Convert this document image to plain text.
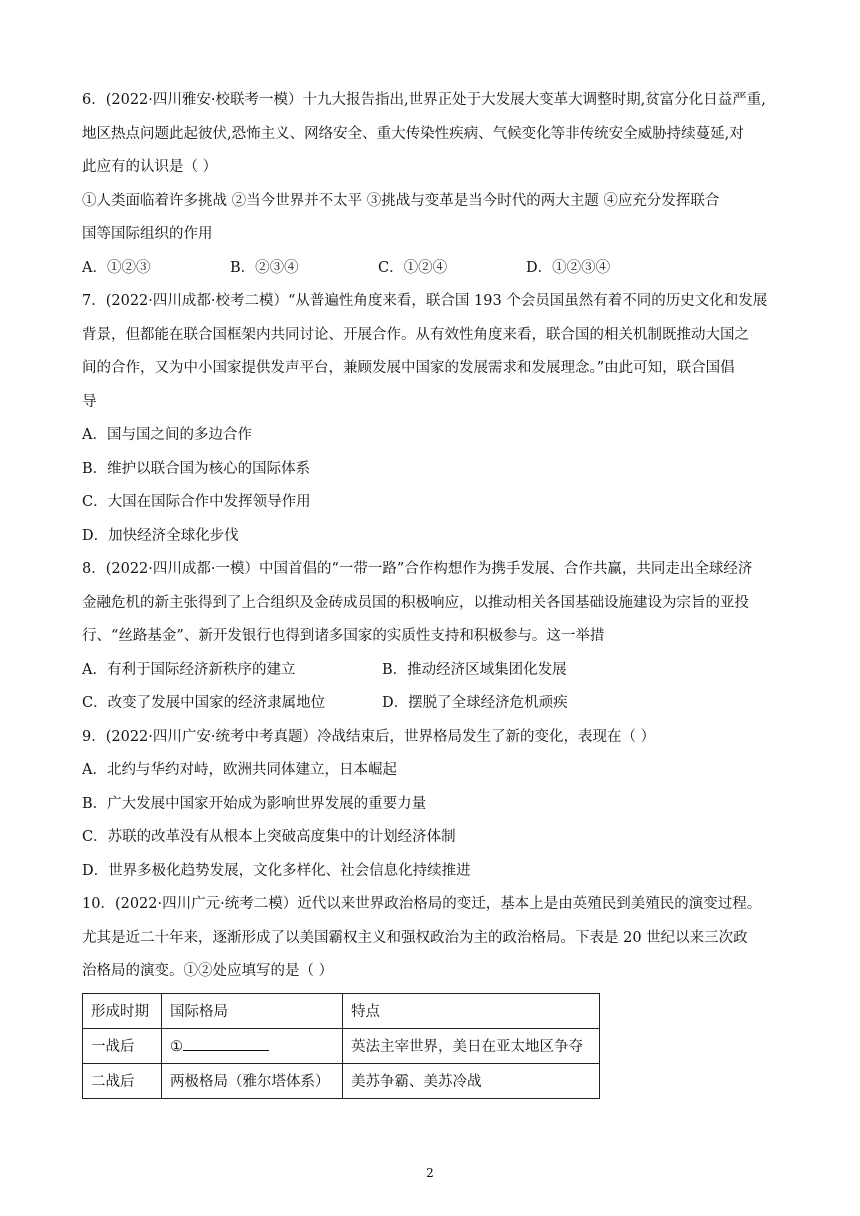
6．(2022·四川雅安·校联考一模）十九大报告指出,世界正处于大发展大变革大调整时期,贫富分化日益严重,
地区热点问题此起彼伏,恐怖主义、网络安全、重大传染性疾病、气候变化等非传统安全威胁持续蔓延,对
此应有的认识是（ ）
①人类面临着许多挑战 ②当今世界并不太平 ③挑战与变革是当今时代的两大主题 ④应充分发挥联合
国等国际组织的作用
A．①②③	B．②③④	C．①②④	D．①②③④
7．(2022·四川成都·校考二模）“从普遍性角度来看，联合国 193 个会员国虽然有着不同的历史文化和发展
背景，但都能在联合国框架内共同讨论、开展合作。从有效性角度来看，联合国的相关机制既推动大国之
间的合作，又为中小国家提供发声平台，兼顾发展中国家的发展需求和发展理念。”由此可知，联合国倡
导
A．国与国之间的多边合作
B．维护以联合国为核心的国际体系
C．大国在国际合作中发挥领导作用
D．加快经济全球化步伐
8．(2022·四川成都·一模）中国首倡的“一带一路”合作构想作为携手发展、合作共赢，共同走出全球经济
金融危机的新主张得到了上合组织及金砖成员国的积极响应，以推动相关各国基础设施建设为宗旨的亚投
行、“丝路基金”、新开发银行也得到诸多国家的实质性支持和积极参与。这一举措
A．有利于国际经济新秩序的建立	B．推动经济区域集团化发展
C．改变了发展中国家的经济隶属地位	D．摆脱了全球经济危机顽疾
9．(2022·四川广安·统考中考真题）冷战结束后，世界格局发生了新的变化，表现在（ ）
A．北约与华约对峙，欧洲共同体建立，日本崛起
B．广大发展中国家开始成为影响世界发展的重要力量
C．苏联的改革没有从根本上突破高度集中的计划经济体制
D．世界多极化趋势发展，文化多样化、社会信息化持续推进
10．(2022·四川广元·统考二模）近代以来世界政治格局的变迁，基本上是由英殖民到美殖民的演变过程。
尤其是近二十年来，逐渐形成了以美国霸权主义和强权政治为主的政治格局。下表是 20 世纪以来三次政
治格局的演变。①②处应填写的是（ ）
形成时期	国际格局	特点
一战后	①	英法主宰世界，美日在亚太地区争夺
二战后	两极格局（雅尔塔体系）	美苏争霸、美苏冷战
2
